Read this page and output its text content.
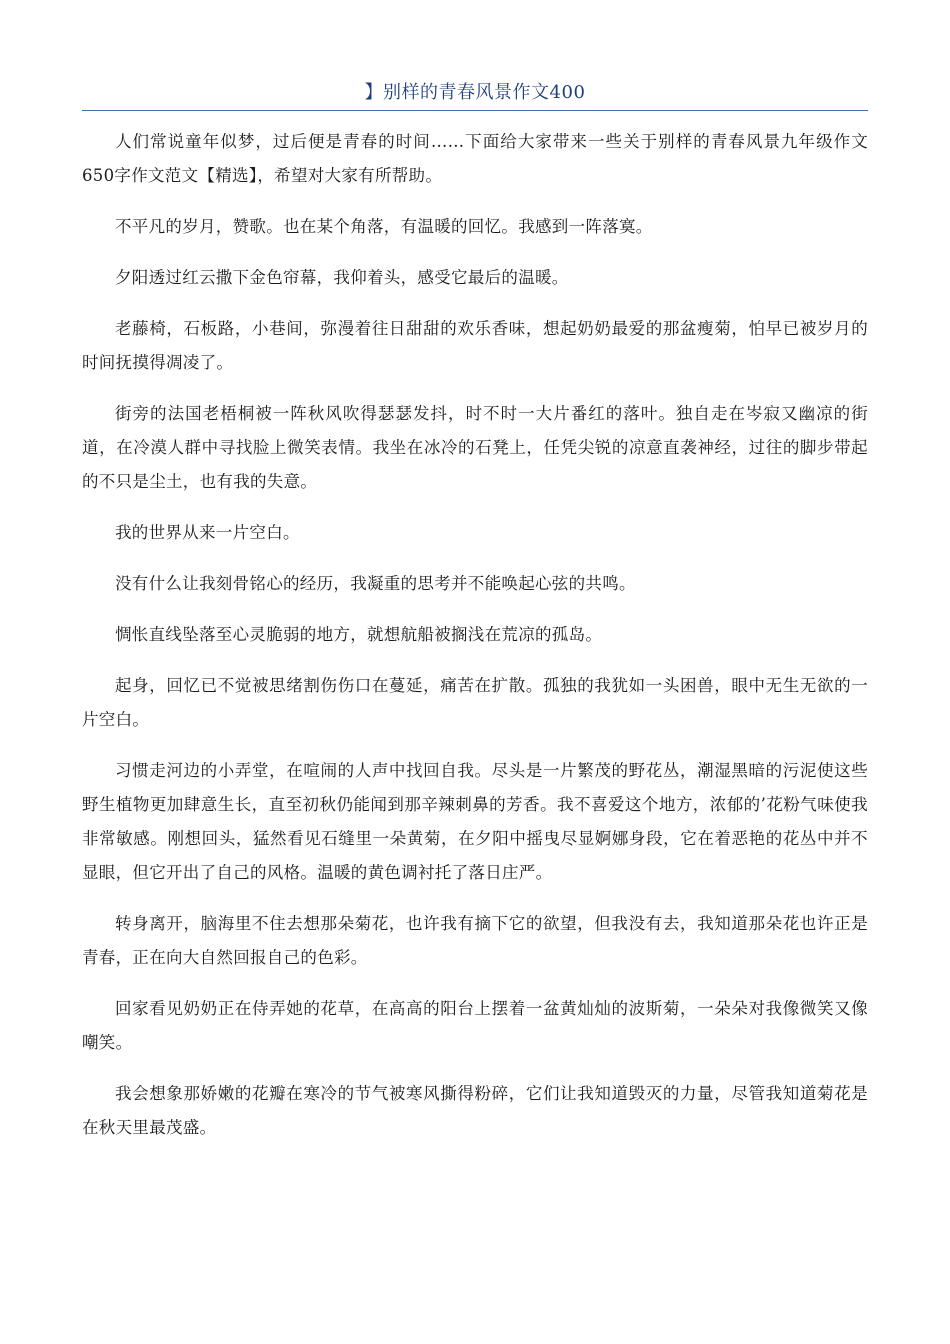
】别样的青春风景作文400

人们常说童年似梦，过后便是青春的时间……下面给大家带来一些关于别样的青春风景九年级作文650字作文范文【精选】，希望对大家有所帮助。

不平凡的岁月，赞歌。也在某个角落，有温暖的回忆。我感到一阵落寞。

夕阳透过红云撒下金色帘幕，我仰着头，感受它最后的温暖。

老藤椅，石板路，小巷间，弥漫着往日甜甜的欢乐香味，想起奶奶最爱的那盆瘦菊，怕早已被岁月的时间抚摸得凋凌了。

街旁的法国老梧桐被一阵秋风吹得瑟瑟发抖，时不时一大片番红的落叶。独自走在岑寂又幽凉的街道，在冷漠人群中寻找脸上微笑表情。我坐在冰冷的石凳上，任凭尖锐的凉意直袭神经，过往的脚步带起的不只是尘土，也有我的失意。

我的世界从来一片空白。

没有什么让我刻骨铭心的经历，我凝重的思考并不能唤起心弦的共鸣。

惆怅直线坠落至心灵脆弱的地方，就想航船被搁浅在荒凉的孤岛。

起身，回忆已不觉被思绪割伤伤口在蔓延，痛苦在扩散。孤独的我犹如一头困兽，眼中无生无欲的一片空白。

习惯走河边的小弄堂，在喧闹的人声中找回自我。尽头是一片繁茂的野花丛，潮湿黑暗的污泥使这些野生植物更加肆意生长，直至初秋仍能闻到那辛辣刺鼻的芳香。我不喜爱这个地方，浓郁的’花粉气味使我非常敏感。刚想回头，猛然看见石缝里一朵黄菊，在夕阳中摇曳尽显婀娜身段，它在着恶艳的花丛中并不显眼，但它开出了自己的风格。温暖的黄色调衬托了落日庄严。

转身离开，脑海里不住去想那朵菊花，也许我有摘下它的欲望，但我没有去，我知道那朵花也许正是青春，正在向大自然回报自己的色彩。

回家看见奶奶正在侍弄她的花草，在高高的阳台上摆着一盆黄灿灿的波斯菊，一朵朵对我像微笑又像嘲笑。

我会想象那娇嫩的花瓣在寒冷的节气被寒风撕得粉碎，它们让我知道毁灭的力量，尽管我知道菊花是在秋天里最茂盛。
